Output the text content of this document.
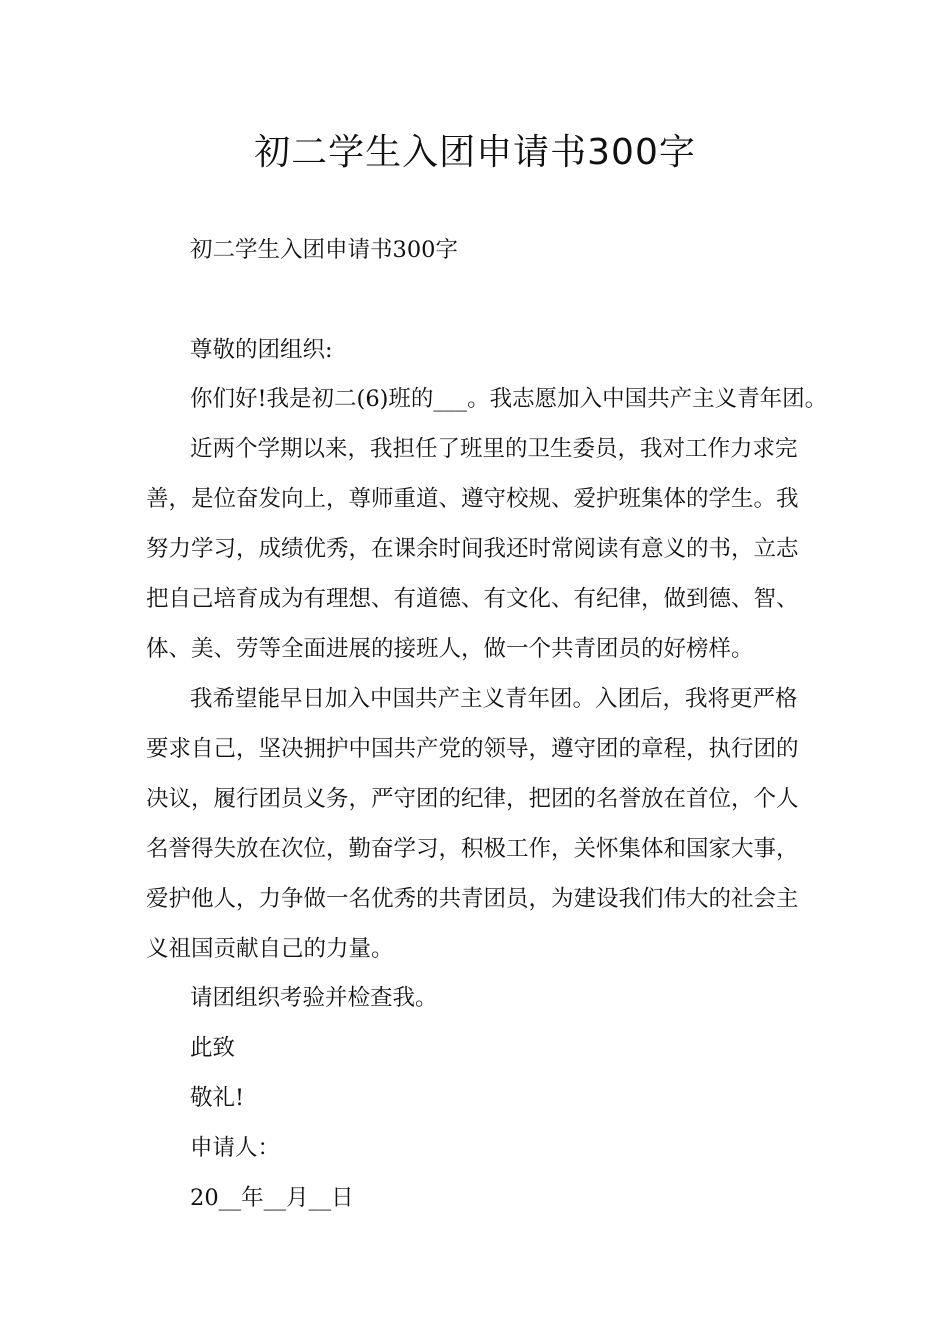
初二学生入团申请书300字

初二学生入团申请书300字

尊敬的团组织:

你们好!我是初二(6)班的___。我志愿加入中国共产主义青年团。

近两个学期以来，我担任了班里的卫生委员，我对工作力求完

善，是位奋发向上，尊师重道、遵守校规、爱护班集体的学生。我

努力学习，成绩优秀，在课余时间我还时常阅读有意义的书，立志

把自己培育成为有理想、有道德、有文化、有纪律，做到德、智、

体、美、劳等全面进展的接班人，做一个共青团员的好榜样。

我希望能早日加入中国共产主义青年团。入团后，我将更严格

要求自己，坚决拥护中国共产党的领导，遵守团的章程，执行团的

决议，履行团员义务，严守团的纪律，把团的名誉放在首位，个人

名誉得失放在次位，勤奋学习，积极工作，关怀集体和国家大事，

爱护他人，力争做一名优秀的共青团员，为建设我们伟大的社会主

义祖国贡献自己的力量。

请团组织考验并检查我。

此致

敬礼!

申请人：

20__年__月__日
